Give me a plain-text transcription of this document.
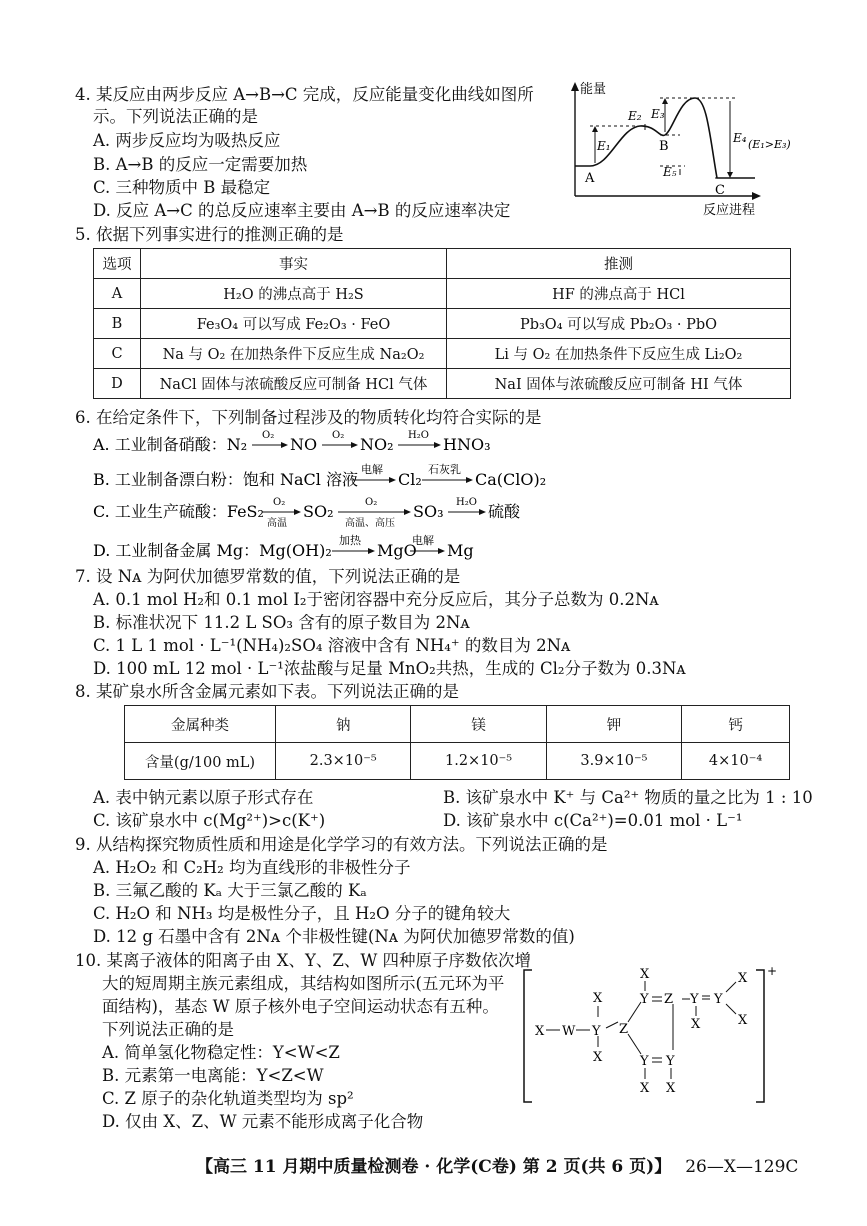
4. 某反应由两步反应 A→B→C 完成，反应能量变化曲线如图所
示。下列说法正确的是
A. 两步反应均为吸热反应
B. A→B 的反应一定需要加热
C. 三种物质中 B 最稳定
D. 反应 A→C 的总反应速率主要由 A→B 的反应速率决定
能量
反应进程
A
B
C
E₁
E₂ E₃
E₄
E₅
(E₁>E₃)
5. 依据下列事实进行的推测正确的是
选项	事实	推测
A	H₂O 的沸点高于 H₂S	HF 的沸点高于 HCl
B	Fe₃O₄ 可以写成 Fe₂O₃ · FeO	Pb₃O₄ 可以写成 Pb₂O₃ · PbO
C	Na 与 O₂ 在加热条件下反应生成 Na₂O₂	Li 与 O₂ 在加热条件下反应生成 Li₂O₂
D	NaCl 固体与浓硫酸反应可制备 HCl 气体	NaI 固体与浓硫酸反应可制备 HI 气体
6. 在给定条件下，下列制备过程涉及的物质转化均符合实际的是
A. 工业制备硝酸：N₂ O₂ NO O₂ NO₂ H₂O HNO₃
B. 工业制备漂白粉：饱和 NaCl 溶液
电解
Cl₂
石灰乳
Ca(ClO)₂
C. 工业生产硫酸：FeS₂ O₂
高温
SO₂	O₂
高温、高压
SO₃ H₂O 硫酸
D. 工业制备金属 Mg：Mg(OH)₂
加热
MgO
电解
Mg
7. 设 Nᴀ 为阿伏加德罗常数的值，下列说法正确的是
A. 0.1 mol H₂和 0.1 mol I₂于密闭容器中充分反应后，其分子总数为 0.2Nᴀ
B. 标准状况下 11.2 L SO₃ 含有的原子数目为 2Nᴀ
C. 1 L 1 mol · L⁻¹(NH₄)₂SO₄ 溶液中含有 NH₄⁺ 的数目为 2Nᴀ
D. 100 mL 12 mol · L⁻¹浓盐酸与足量 MnO₂共热，生成的 Cl₂分子数为 0.3Nᴀ
8. 某矿泉水所含金属元素如下表。下列说法正确的是
金属种类	钠	镁	钾	钙
含量(g/100 mL)	2.3×10⁻⁵	1.2×10⁻⁵	3.9×10⁻⁵	4×10⁻⁴
A. 表中钠元素以原子形式存在	B. 该矿泉水中 K⁺ 与 Ca²⁺ 物质的量之比为 1 : 10
C. 该矿泉水中 c(Mg²⁺)>c(K⁺)	D. 该矿泉水中 c(Ca²⁺)=0.01 mol · L⁻¹
9. 从结构探究物质性质和用途是化学学习的有效方法。下列说法正确的是
A. H₂O₂ 和 C₂H₂ 均为直线形的非极性分子
B. 三氟乙酸的 Kₐ 大于三氯乙酸的 Kₐ
C. H₂O 和 NH₃ 均是极性分子，且 H₂O 分子的键角较大
D. 12 g 石墨中含有 2Nᴀ 个非极性键(Nᴀ 为阿伏加德罗常数的值)
10. 某离子液体的阳离子由 X、Y、Z、W 四种原子序数依次增
大的短周期主族元素组成，其结构如图所示(五元环为平
面结构)，基态 W 原子核外电子空间运动状态有五种。
下列说法正确的是
A. 简单氢化物稳定性：Y<W<Z
B. 元素第一电离能：Y<Z<W
C. Z 原子的杂化轨道类型均为 sp²
D. 仅由 X、Z、W 元素不能形成离子化合物
+
X W Y
X
X
Z
Y
X
Z Y
X
Y
X
X
Y Y
X X
【高三 11 月期中质量检测卷 · 化学(C卷) 第 2 页(共 6 页)】 26—X—129C
